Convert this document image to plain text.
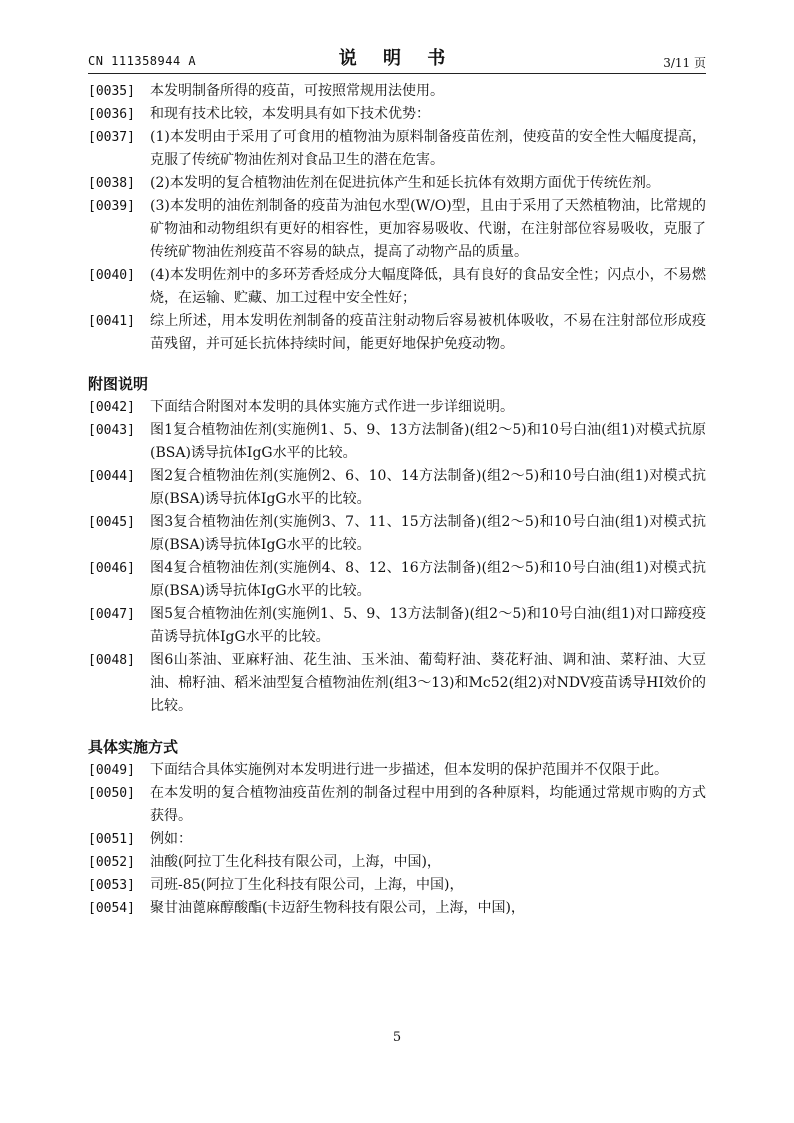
CN 111358944 A	说 明 书	3/11 页
[0035]	本发明制备所得的疫苗，可按照常规用法使用。
[0036]	和现有技术比较，本发明具有如下技术优势：
[0037]	(1)本发明由于采用了可食用的植物油为原料制备疫苗佐剂，使疫苗的安全性大幅度提高，克服了传统矿物油佐剂对食品卫生的潜在危害。
[0038]	(2)本发明的复合植物油佐剂在促进抗体产生和延长抗体有效期方面优于传统佐剂。
[0039]	(3)本发明的油佐剂制备的疫苗为油包水型(W/O)型，且由于采用了天然植物油，比常规的矿物油和动物组织有更好的相容性，更加容易吸收、代谢，在注射部位容易吸收，克服了传统矿物油佐剂疫苗不容易的缺点，提高了动物产品的质量。
[0040]	(4)本发明佐剂中的多环芳香烃成分大幅度降低，具有良好的食品安全性；闪点小，不易燃烧，在运输、贮藏、加工过程中安全性好；
[0041]	综上所述，用本发明佐剂制备的疫苗注射动物后容易被机体吸收，不易在注射部位形成疫苗残留，并可延长抗体持续时间，能更好地保护免疫动物。
附图说明
[0042]	下面结合附图对本发明的具体实施方式作进一步详细说明。
[0043]	图1复合植物油佐剂(实施例1、5、9、13方法制备)(组2～5)和10号白油(组1)对模式抗原(BSA)诱导抗体IgG水平的比较。
[0044]	图2复合植物油佐剂(实施例2、6、10、14方法制备)(组2～5)和10号白油(组1)对模式抗原(BSA)诱导抗体IgG水平的比较。
[0045]	图3复合植物油佐剂(实施例3、7、11、15方法制备)(组2～5)和10号白油(组1)对模式抗原(BSA)诱导抗体IgG水平的比较。
[0046]	图4复合植物油佐剂(实施例4、8、12、16方法制备)(组2～5)和10号白油(组1)对模式抗原(BSA)诱导抗体IgG水平的比较。
[0047]	图5复合植物油佐剂(实施例1、5、9、13方法制备)(组2～5)和10号白油(组1)对口蹄疫疫苗诱导抗体IgG水平的比较。
[0048]	图6山茶油、亚麻籽油、花生油、玉米油、葡萄籽油、葵花籽油、调和油、菜籽油、大豆油、棉籽油、稻米油型复合植物油佐剂(组3～13)和Mc52(组2)对NDV疫苗诱导HI效价的比较。
具体实施方式
[0049]	下面结合具体实施例对本发明进行进一步描述，但本发明的保护范围并不仅限于此。
[0050]	在本发明的复合植物油疫苗佐剂的制备过程中用到的各种原料，均能通过常规市购的方式获得。
[0051]	例如：
[0052]	油酸(阿拉丁生化科技有限公司，上海，中国)，
[0053]	司班-85(阿拉丁生化科技有限公司，上海，中国)，
[0054]	聚甘油蓖麻醇酸酯(卡迈舒生物科技有限公司，上海，中国)，
5
